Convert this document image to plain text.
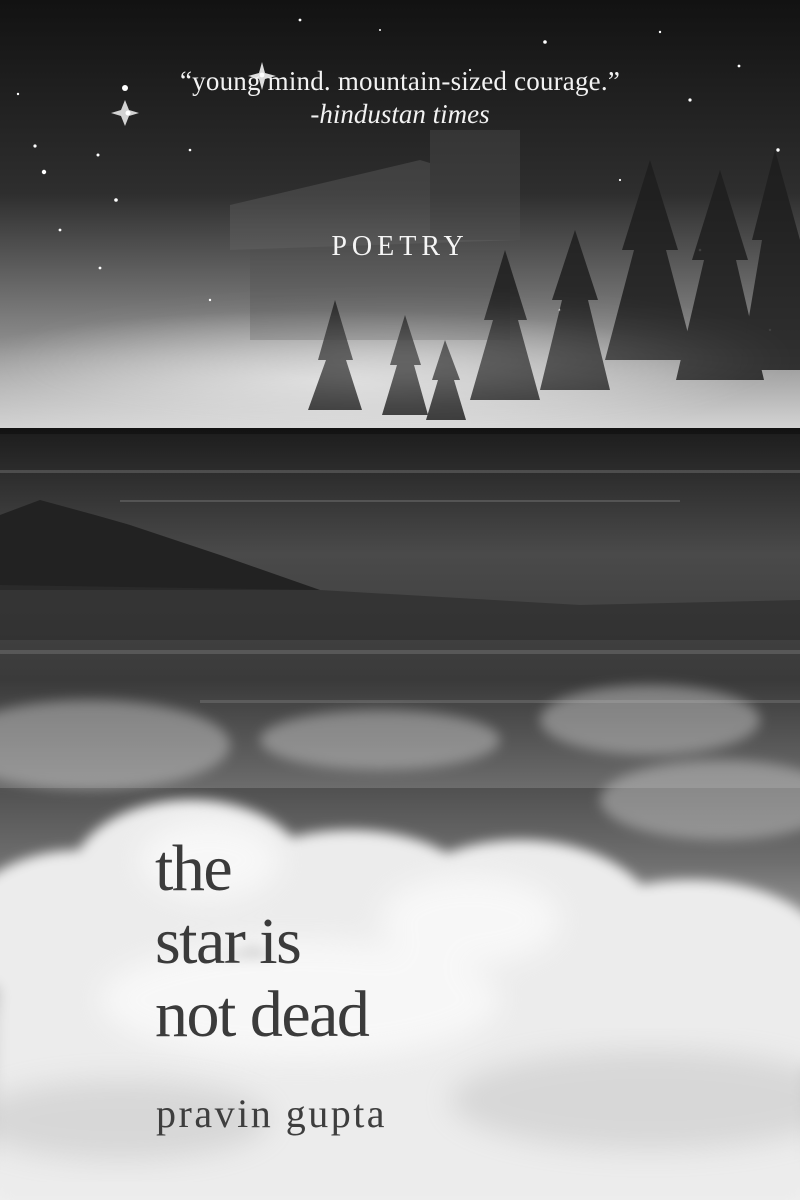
“young mind. mountain-sized courage.”
-hindustan times
POETRY
the
star is
not dead
pravin gupta
